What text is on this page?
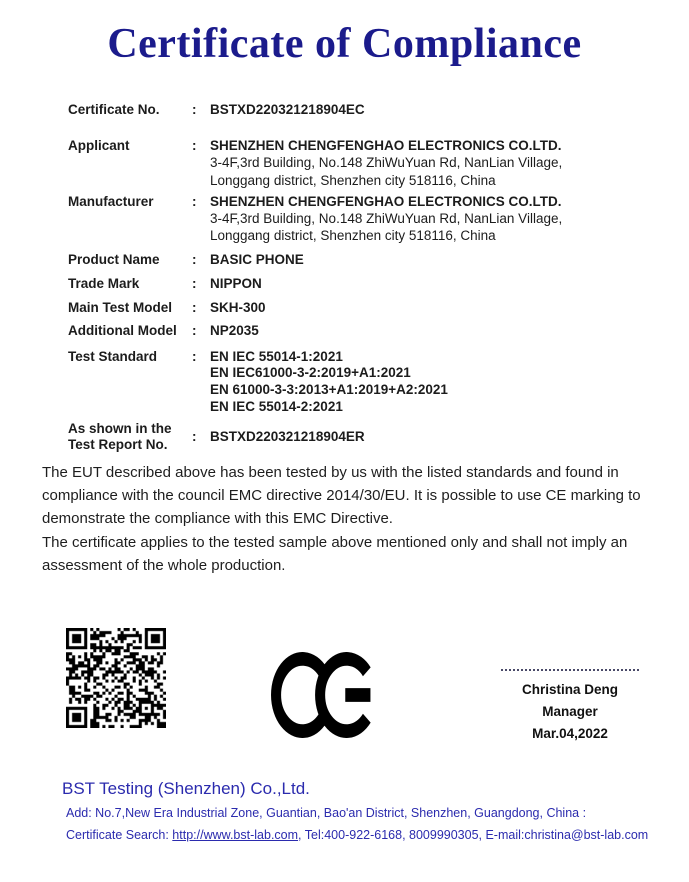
Certificate of Compliance
Certificate No.	:	BSTXD220321218904EC
Applicant	:	SHENZHEN CHENGFENGHAO ELECTRONICS CO.LTD.
3-4F,3rd Building, No.148 ZhiWuYuan Rd, NanLian Village,
Longgang district, Shenzhen city 518116, China
Manufacturer	:	SHENZHEN CHENGFENGHAO ELECTRONICS CO.LTD.
3-4F,3rd Building, No.148 ZhiWuYuan Rd, NanLian Village,
Longgang district, Shenzhen city 518116, China
Product Name	:	BASIC PHONE
Trade Mark	:	NIPPON
Main Test Model	:	SKH-300
Additional Model	:	NP2035
Test Standard	:	EN IEC 55014-1:2021
EN IEC61000-3-2:2019+A1:2021
EN 61000-3-3:2013+A1:2019+A2:2021
EN IEC 55014-2:2021
As shown in the
Test Report No.
:	BSTXD220321218904ER

The EUT described above has been tested by us with the listed standards and found in compliance with the council EMC directive 2014/30/EU. It is possible to use CE marking to demonstrate the compliance with this EMC Directive.

The certificate applies to the tested sample above mentioned only and shall not imply an assessment of the whole production.

Christina Deng
Manager
Mar.04,2022
BST Testing (Shenzhen) Co.,Ltd.
Add: No.7,New Era Industrial Zone, Guantian, Bao'an District, Shenzhen, Guangdong, China :
Certificate Search: http://www.bst-lab.com, Tel:400-922-6168, 8009990305, E-mail:christina@bst-lab.com
